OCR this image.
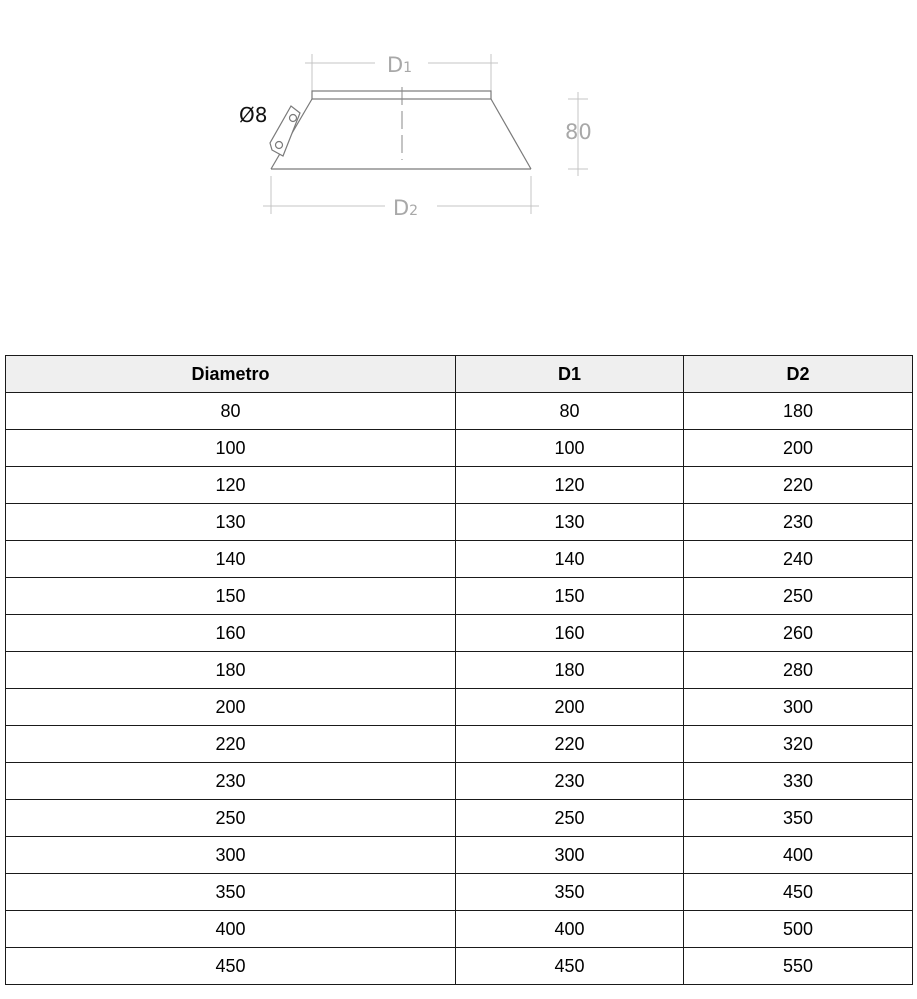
D1
Ø8
80
D2
Diametro	D1	D2
80	80	180
100	100	200
120	120	220
130	130	230
140	140	240
150	150	250
160	160	260
180	180	280
200	200	300
220	220	320
230	230	330
250	250	350
300	300	400
350	350	450
400	400	500
450	450	550
